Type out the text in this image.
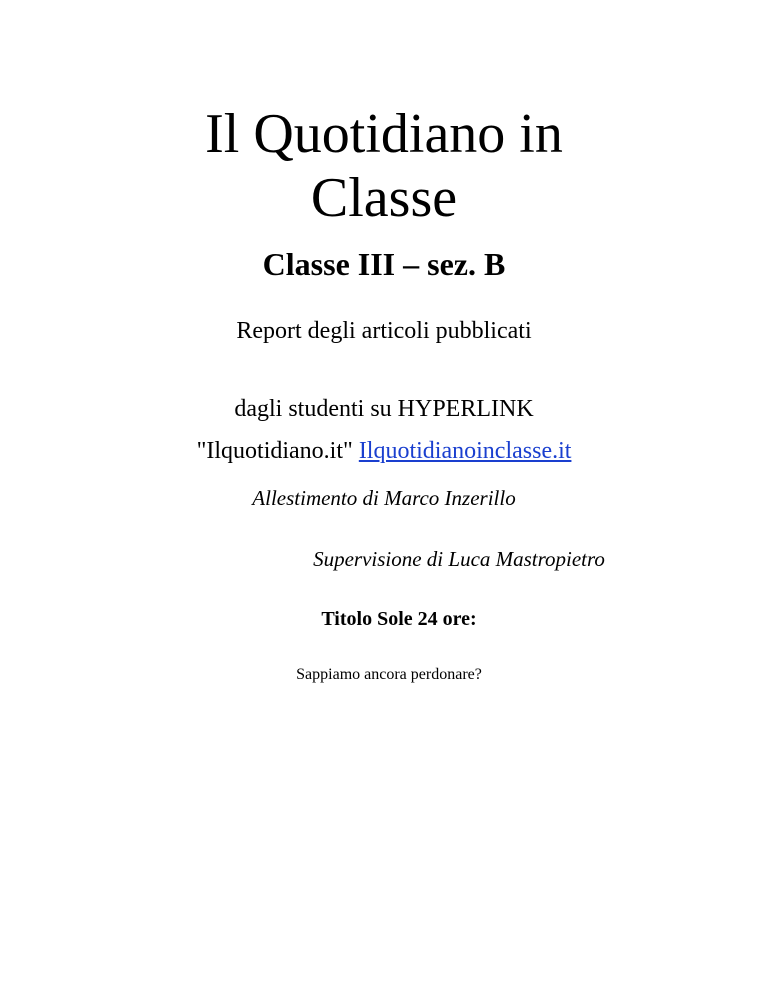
Il Quotidiano in
Classe
Classe III – sez. B
Report degli articoli pubblicati
dagli studenti su HYPERLINK
"Ilquotidiano.it" Ilquotidianoinclasse.it
Allestimento di Marco Inzerillo
Supervisione di Luca Mastropietro
Titolo Sole 24 ore:
Sappiamo ancora perdonare?
